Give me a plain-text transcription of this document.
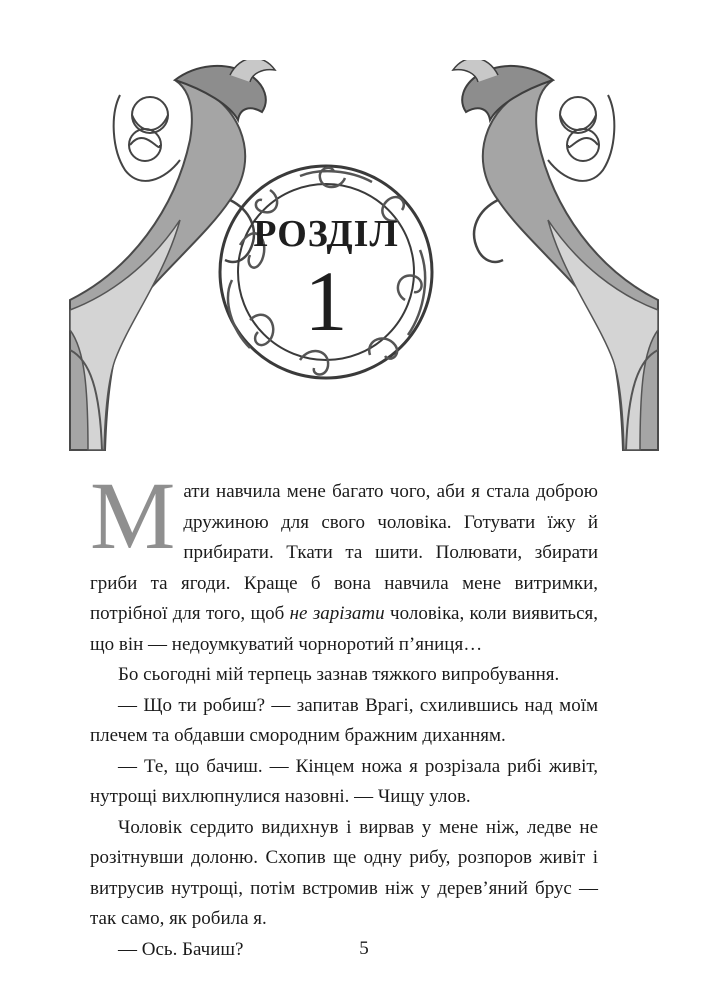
РОЗДІЛ
1

Мати навчила мене багато чого, аби я стала доброю дружиною для свого чоловіка. Готувати їжу й прибирати. Ткати та шити. Полювати, збирати гриби та ягоди. Краще б вона навчила мене витримки, потрібної для того, щоб не зарізати чоловіка, коли виявиться, що він — недоумкуватий чорноротий п’яниця…

Бо сьогодні мій терпець зазнав тяжкого випробування.

— Що ти робиш? — запитав Врагі, схилившись над моїм плечем та обдавши смородним бражним диханням.

— Те, що бачиш. — Кінцем ножа я розрізала рибі живіт, нутрощі вихлюпнулися назовні. — Чищу улов.

Чоловік сердито видихнув і вирвав у мене ніж, ледве не розітнувши долоню. Схопив ще одну рибу, розпоров живіт і витрусив нутрощі, потім встромив ніж у дерев’яний брус — так само, як робила я.

— Ось. Бачиш?	5
